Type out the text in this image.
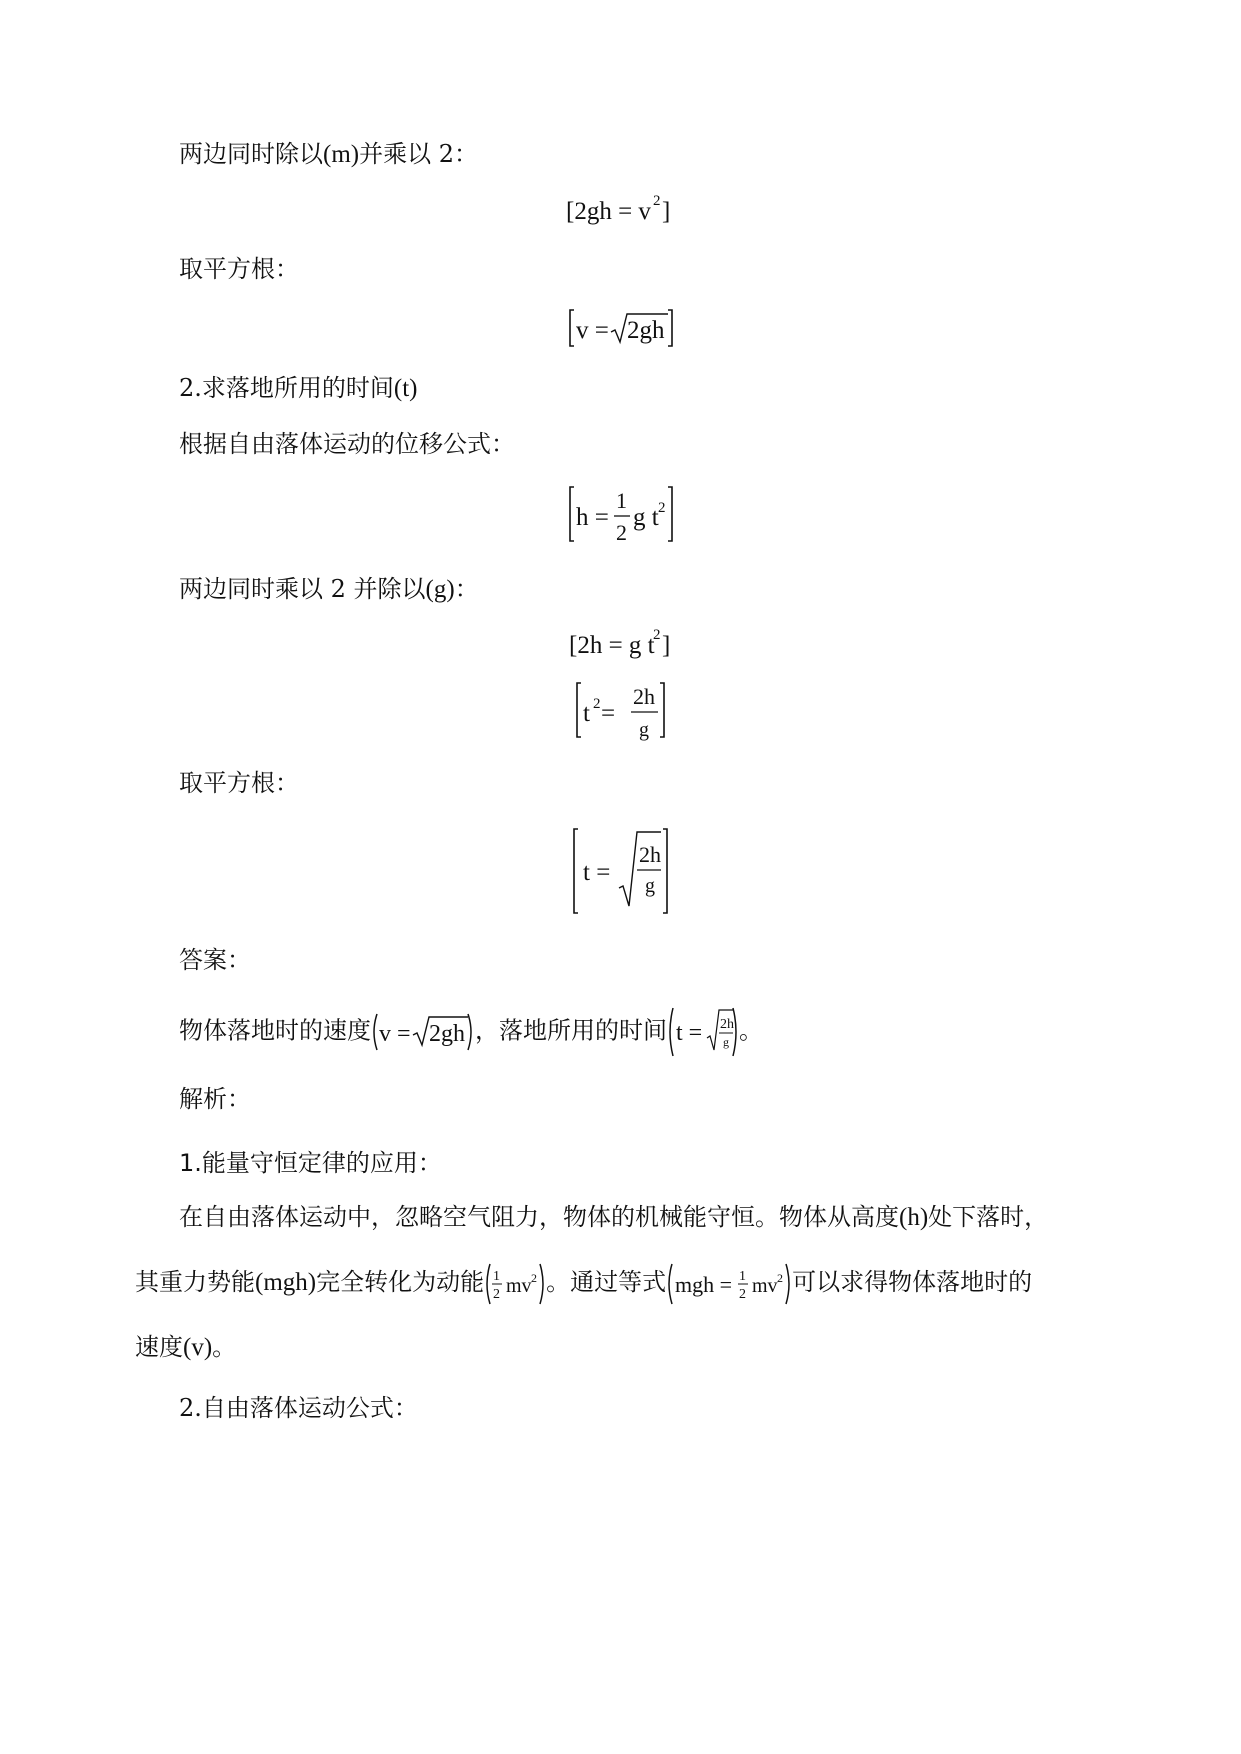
两边同时除以(m)并乘以 2：
[2gh = v 2 ]
取平方根：
v = 2gh
2.求落地所用的时间(t)
根据自由落体运动的位移公式：
h =
1
2
g t 2
两边同时乘以 2 并除以(g)：
[2h = g t
2 ]
t 2 =
2h
g
取平方根：
t =
2h
g
答案：
物体落地时的速度 v = 2gh ，落地所用的时间 t = 2h
g 。
解析：
1.能量守恒定律的应用：
在自由落体运动中，忽略空气阻力，物体的机械能守恒。物体从高度(h)处下落时，
其重力势能(mgh)完全转化为动能 1
2 mv 2 。通过等式 mgh = 1
2 mv 2 可以求得物体落地时的
速度(v)。
2.自由落体运动公式：
